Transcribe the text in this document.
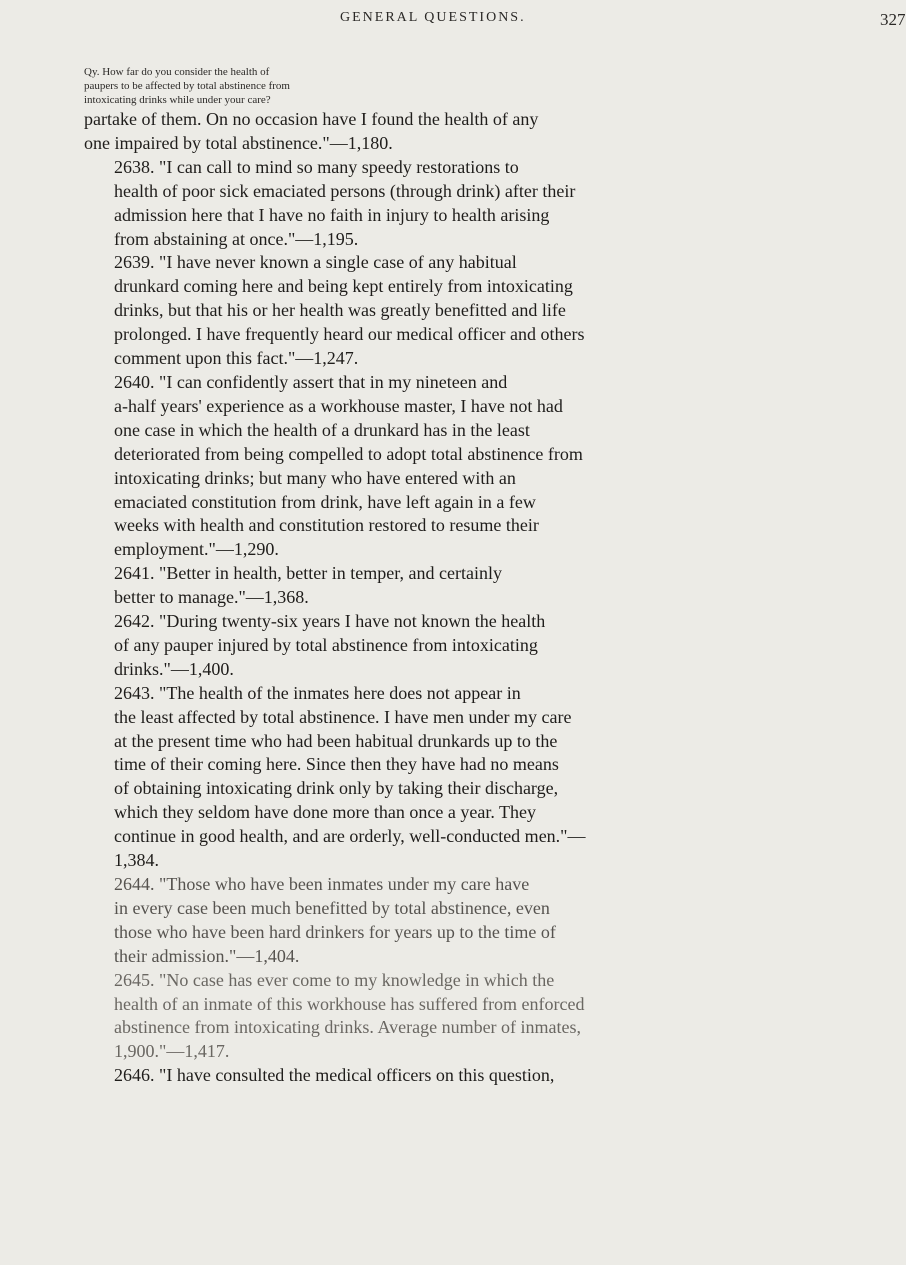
GENERAL QUESTIONS.	327
Qy. How far do you consider the health of
paupers to be affected by total abstinence from
intoxicating drinks while under your care?

partake of them. On no occasion have I found the health of any
one impaired by total abstinence."—1,180.

2638. "I can call to mind so many speedy restorations to
health of poor sick emaciated persons (through drink) after their
admission here that I have no faith in injury to health arising
from abstaining at once."—1,195.

2639. "I have never known a single case of any habitual
drunkard coming here and being kept entirely from intoxicating
drinks, but that his or her health was greatly benefitted and life
prolonged. I have frequently heard our medical officer and others
comment upon this fact."—1,247.

2640. "I can confidently assert that in my nineteen and
a-half years' experience as a workhouse master, I have not had
one case in which the health of a drunkard has in the least
deteriorated from being compelled to adopt total abstinence from
intoxicating drinks; but many who have entered with an
emaciated constitution from drink, have left again in a few
weeks with health and constitution restored to resume their
employment."—1,290.

2641. "Better in health, better in temper, and certainly
better to manage."—1,368.

2642. "During twenty-six years I have not known the health
of any pauper injured by total abstinence from intoxicating
drinks."—1,400.

2643. "The health of the inmates here does not appear in
the least affected by total abstinence. I have men under my care
at the present time who had been habitual drunkards up to the
time of their coming here. Since then they have had no means
of obtaining intoxicating drink only by taking their discharge,
which they seldom have done more than once a year. They
continue in good health, and are orderly, well-conducted men."—
1,384.

2644. "Those who have been inmates under my care have
in every case been much benefitted by total abstinence, even
those who have been hard drinkers for years up to the time of
their admission."—1,404.

2645. "No case has ever come to my knowledge in which the
health of an inmate of this workhouse has suffered from enforced
abstinence from intoxicating drinks. Average number of inmates,
1,900."—1,417.

2646. "I have consulted the medical officers on this question,
